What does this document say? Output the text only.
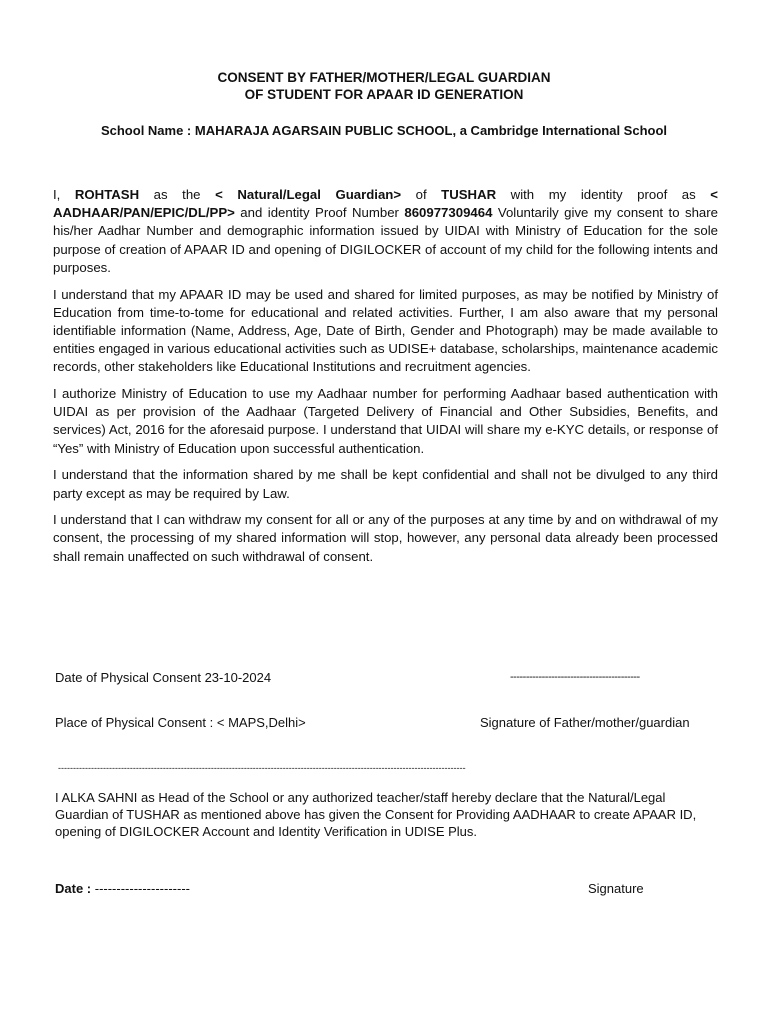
CONSENT BY FATHER/MOTHER/LEGAL GUARDIAN
OF STUDENT FOR APAAR ID GENERATION
School Name : MAHARAJA AGARSAIN PUBLIC SCHOOL, a Cambridge International School

I, ROHTASH as the < Natural/Legal Guardian> of TUSHAR with my identity proof as < AADHAAR/PAN/EPIC/DL/PP> and identity Proof Number 860977309464 Voluntarily give my consent to share his/her Aadhar Number and demographic information issued by UIDAI with Ministry of Education for the sole purpose of creation of APAAR ID and opening of DIGILOCKER of account of my child for the following intents and purposes.

I understand that my APAAR ID may be used and shared for limited purposes, as may be notified by Ministry of Education from time-to-tome for educational and related activities. Further, I am also aware that my personal identifiable information (Name, Address, Age, Date of Birth, Gender and Photograph) may be made available to entities engaged in various educational activities such as UDISE+ database, scholarships, maintenance academic records, other stakeholders like Educational Institutions and recruitment agencies.

I authorize Ministry of Education to use my Aadhaar number for performing Aadhaar based authentication with UIDAI as per provision of the Aadhaar (Targeted Delivery of Financial and Other Subsidies, Benefits, and services) Act, 2016 for the aforesaid purpose. I understand that UIDAI will share my e-KYC details, or response of “Yes” with Ministry of Education upon successful authentication.

I understand that the information shared by me shall be kept confidential and shall not be divulged to any third party except as may be required by Law.

I understand that I can withdraw my consent for all or any of the purposes at any time by and on withdrawal of my consent, the processing of my shared information will stop, however, any personal data already been processed shall remain unaffected on such withdrawal of consent.

Date of Physical Consent 23-10-2024	-----------------------------------------
Place of Physical Consent : < MAPS,Delhi>	Signature of Father/mother/guardian
----------------------------------------------------------------------------------------------------------------------------------------
I ALKA SAHNI as Head of the School or any authorized teacher/staff hereby declare that the Natural/Legal Guardian of TUSHAR as mentioned above has given the Consent for Providing AADHAAR to create APAAR ID, opening of DIGILOCKER Account and Identity Verification in UDISE Plus.
Date : ----------------------	Signature
